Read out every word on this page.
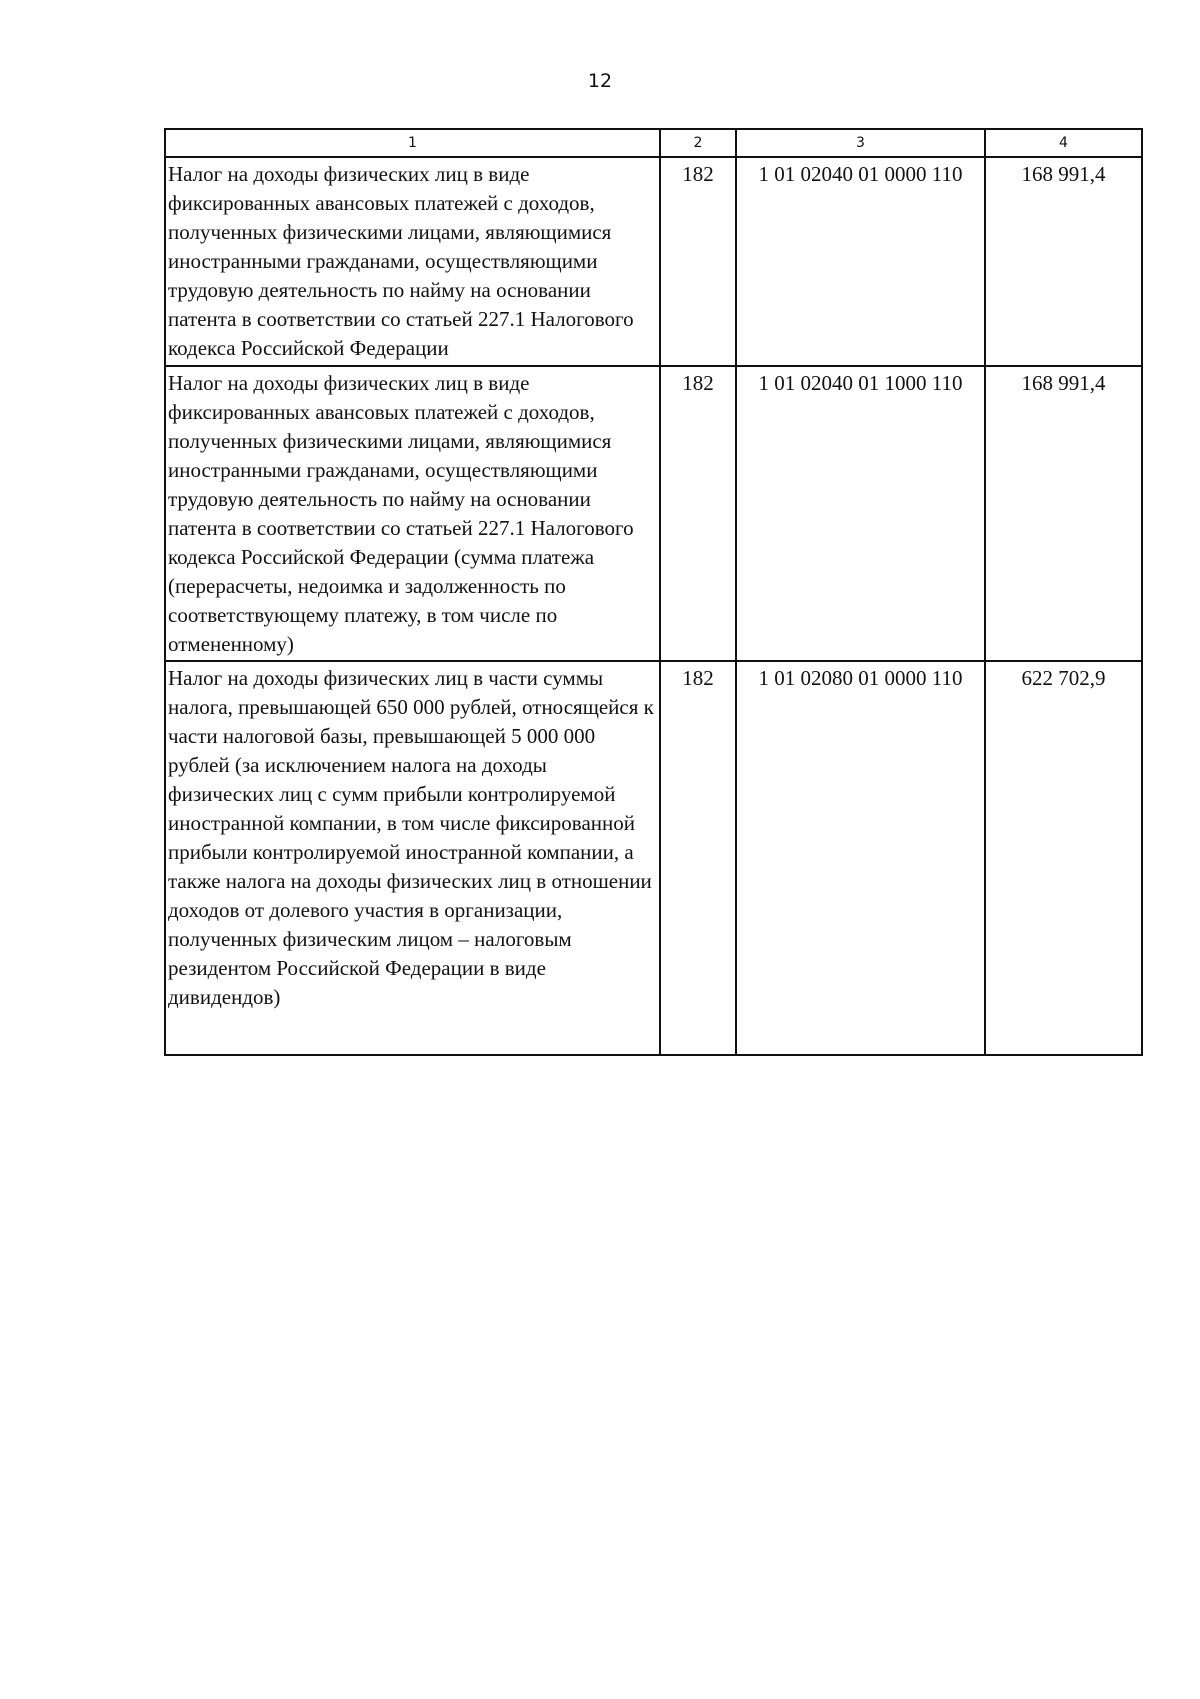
12
1	2	3	4
Налог на доходы физических лиц в виде фиксированных авансовых платежей с доходов, полученных физическими лицами, являющимися иностранными гражданами, осуществляющими трудовую деятельность по найму на основании патента в соответствии со статьей 227.1 Налогового кодекса Российской Федерации	182	1 01 02040 01 0000 110	168 991,4
Налог на доходы физических лиц в виде фиксированных авансовых платежей с доходов, полученных физическими лицами, являющимися иностранными гражданами, осуществляющими трудовую деятельность по найму на основании патента в соответствии со статьей 227.1 Налогового кодекса Российской Федерации (сумма платежа (перерасчеты, недоимка и задолженность по соответствующему платежу, в том числе по отмененному)	182	1 01 02040 01 1000 110	168 991,4
Налог на доходы физических лиц в части суммы налога, превышающей 650 000 рублей, относящейся к части налоговой базы, превышающей 5 000 000 рублей (за исключением налога на доходы физических лиц с сумм прибыли контролируемой иностранной компании, в том числе фиксированной прибыли контролируемой иностранной компании, а также налога на доходы физических лиц в отношении доходов от долевого участия в организации, полученных физическим лицом – налоговым резидентом Российской Федерации в виде дивидендов)	182	1 01 02080 01 0000 110	622 702,9
